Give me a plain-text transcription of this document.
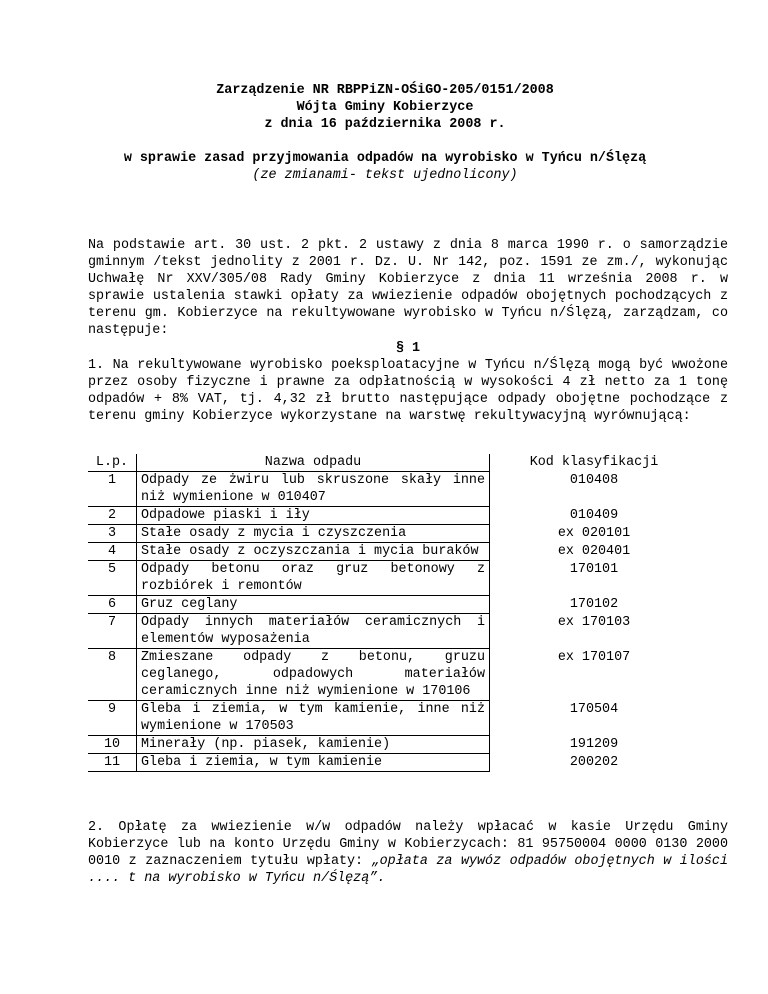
Zarządzenie NR RBPPiZN-OŚiGO-205/0151/2008
Wójta Gminy Kobierzyce
z dnia 16 października 2008 r.
w sprawie zasad przyjmowania odpadów na wyrobisko w Tyńcu n/Ślęzą
(ze zmianami- tekst ujednolicony)
Na podstawie art. 30 ust. 2 pkt. 2 ustawy z dnia 8 marca 1990 r. o samorządzie gminnym /tekst jednolity z 2001 r. Dz. U. Nr 142, poz. 1591 ze zm./, wykonując Uchwałę Nr XXV/305/08 Rady Gminy Kobierzyce z dnia 11 września 2008 r. w sprawie ustalenia stawki opłaty za wwiezienie odpadów obojętnych pochodzących z terenu gm. Kobierzyce na rekultywowane wyrobisko w Tyńcu n/Ślęzą, zarządzam, co następuje:
§ 1
1. Na rekultywowane wyrobisko poeksploatacyjne w Tyńcu n/Ślęzą mogą być wwożone przez osoby fizyczne i prawne za odpłatnością w wysokości 4 zł netto za 1 tonę odpadów + 8% VAT, tj. 4,32 zł brutto następujące odpady obojętne pochodzące z terenu gminy Kobierzyce wykorzystane na warstwę rekultywacyjną wyrównującą:
L.p.	Nazwa odpadu	Kod klasyfikacji
1	Odpady ze żwiru lub skruszone skały inne niż wymienione w 010407	010408
2	Odpadowe piaski i iły	010409
3	Stałe osady z mycia i czyszczenia	ex 020101
4	Stałe osady z oczyszczania i mycia buraków	ex 020401
5	Odpady betonu oraz gruz betonowy z rozbiórek i remontów	170101
6	Gruz ceglany	170102
7	Odpady innych materiałów ceramicznych i elementów wyposażenia	ex 170103
8	Zmieszane odpady z betonu, gruzu ceglanego, odpadowych materiałów ceramicznych inne niż wymienione w 170106	ex 170107
9	Gleba i ziemia, w tym kamienie, inne niż wymienione w 170503	170504
10	Minerały (np. piasek, kamienie)	191209
11	Gleba i ziemia, w tym kamienie	200202
2. Opłatę za wwiezienie w/w odpadów należy wpłacać w kasie Urzędu Gminy Kobierzyce lub na konto Urzędu Gminy w Kobierzycach: 81 95750004 0000 0130 2000 0010 z zaznaczeniem tytułu wpłaty: „opłata za wywóz odpadów obojętnych w ilości .... t na wyrobisko w Tyńcu n/Ślęzą”.
